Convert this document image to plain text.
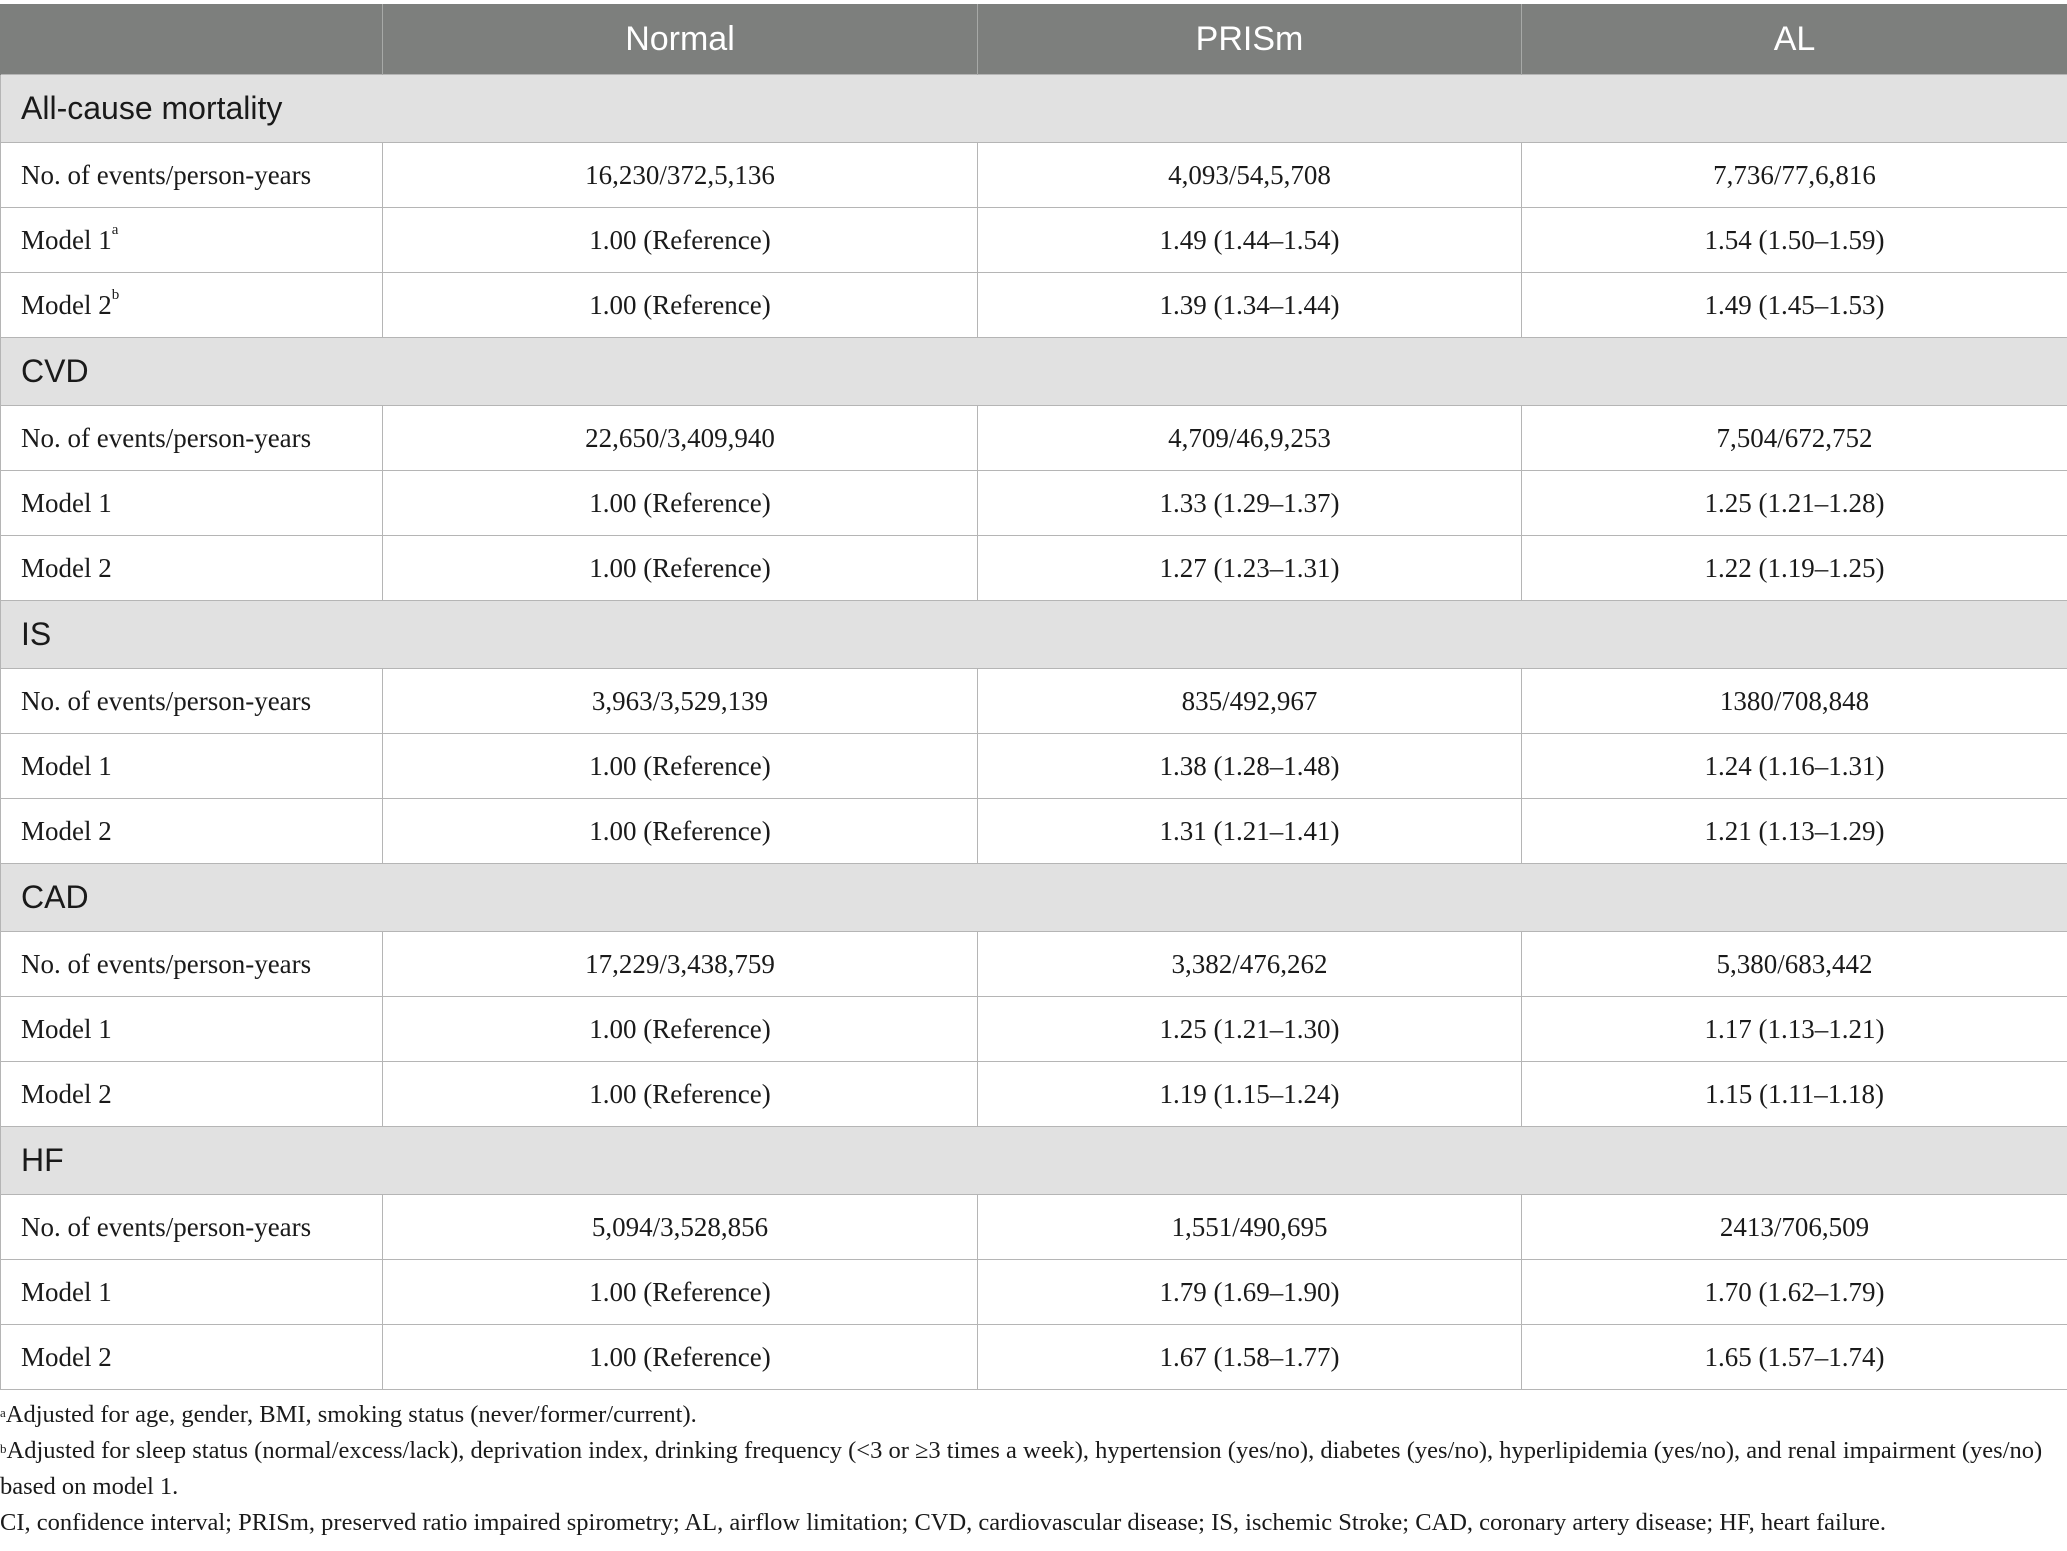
	Normal	PRISm	AL
All-cause mortality			
No. of events/person-years	16,230/372,5,136	4,093/54,5,708	7,736/77,6,816
Model 1$^a$	1.00 (Reference)	1.49 (1.44–1.54)	1.54 (1.50–1.59)
Model 2$^b$	1.00 (Reference)	1.39 (1.34–1.44)	1.49 (1.45–1.53)
CVD			
No. of events/person-years	22,650/3,409,940	4,709/46,9,253	7,504/672,752
Model 1	1.00 (Reference)	1.33 (1.29–1.37)	1.25 (1.21–1.28)
Model 2	1.00 (Reference)	1.27 (1.23–1.31)	1.22 (1.19–1.25)
IS			
No. of events/person-years	3,963/3,529,139	835/492,967	1380/708,848
Model 1	1.00 (Reference)	1.38 (1.28–1.48)	1.24 (1.16–1.31)
Model 2	1.00 (Reference)	1.31 (1.21–1.41)	1.21 (1.13–1.29)
CAD			
No. of events/person-years	17,229/3,438,759	3,382/476,262	5,380/683,442
Model 1	1.00 (Reference)	1.25 (1.21–1.30)	1.17 (1.13–1.21)
Model 2	1.00 (Reference)	1.19 (1.15–1.24)	1.15 (1.11–1.18)
HF			
No. of events/person-years	5,094/3,528,856	1,551/490,695	2413/706,509
Model 1	1.00 (Reference)	1.79 (1.69–1.90)	1.70 (1.62–1.79)
Model 2	1.00 (Reference)	1.67 (1.58–1.77)	1.65 (1.57–1.74)

$^a$Adjusted for age, gender, BMI, smoking status (never/former/current).

$^b$Adjusted for sleep status (normal/excess/lack), deprivation index, drinking frequency (<3 or ≥3 times a week), hypertension (yes/no), diabetes (yes/no), hyperlipidemia (yes/no), and renal impairment (yes/no) based on model 1.

CI, confidence interval; PRISm, preserved ratio impaired spirometry; AL, airflow limitation; CVD, cardiovascular disease; IS, ischemic Stroke; CAD, coronary artery disease; HF, heart failure.
